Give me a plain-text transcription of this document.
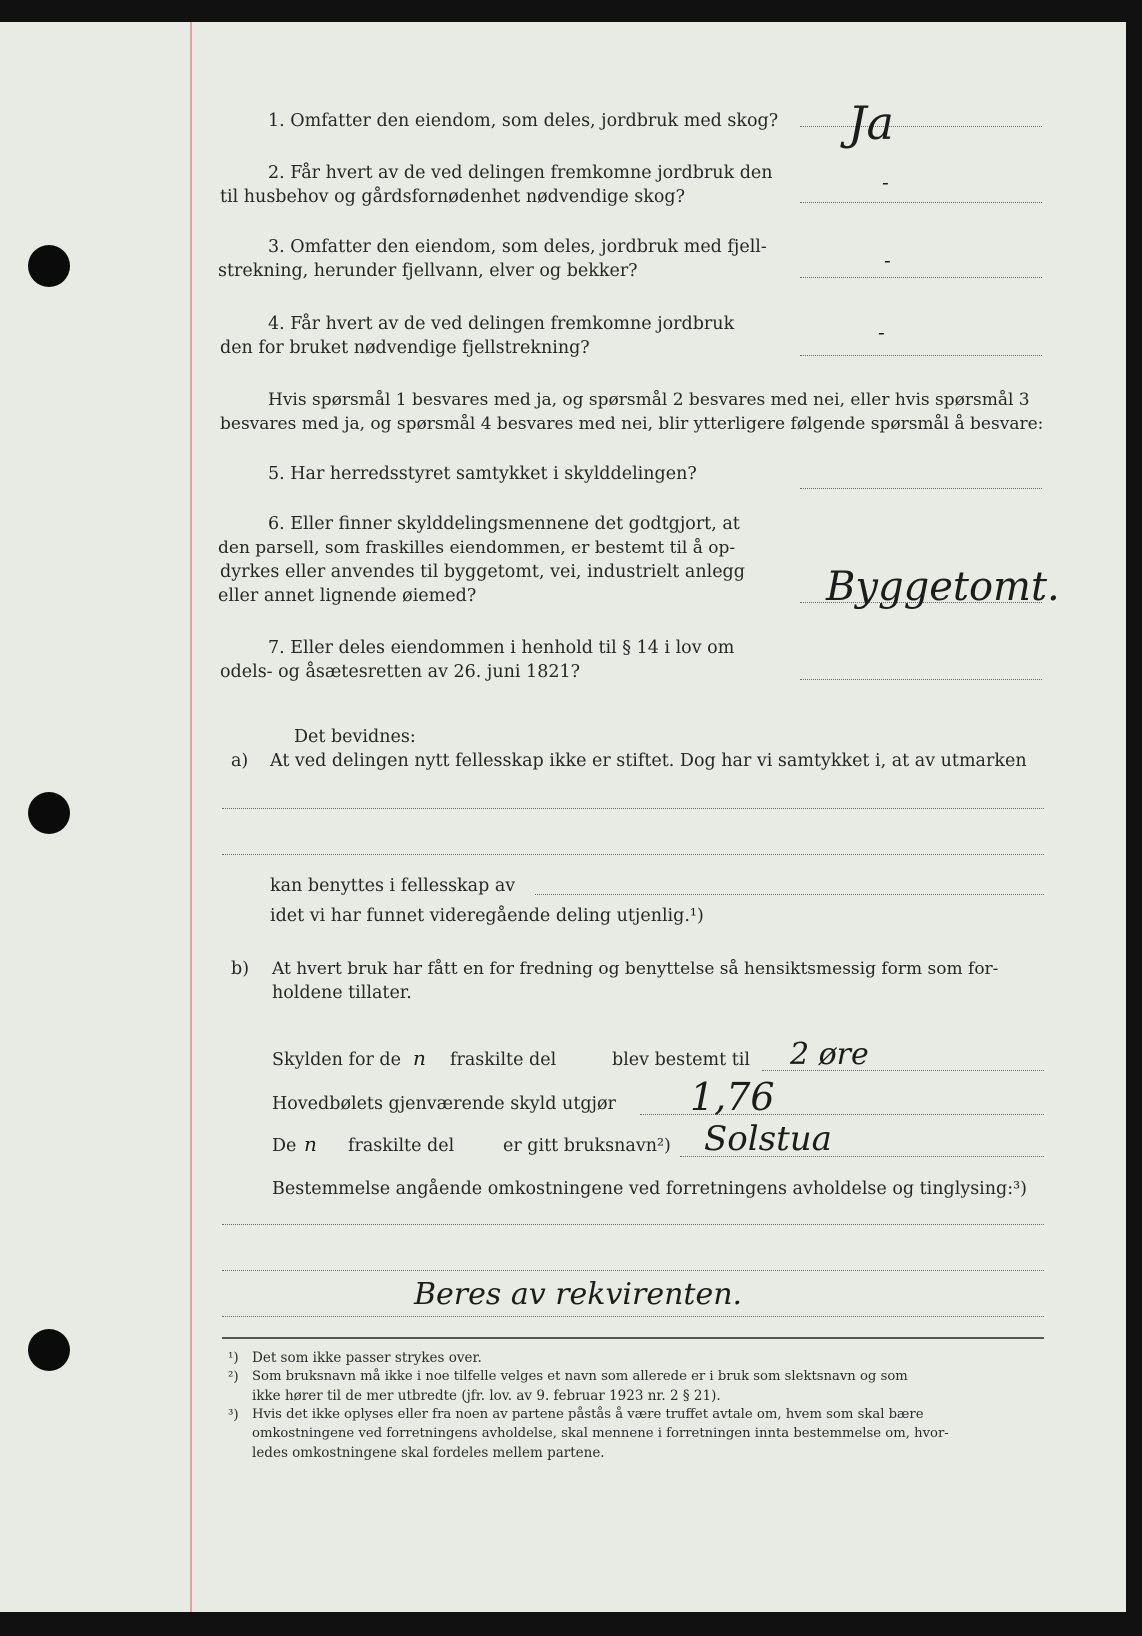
1. Omfatter den eiendom, som deles, jordbruk med skog? Ja
2. Får hvert av de ved delingen fremkomne jordbruk den
til husbehov og gårdsfornødenhet nødvendige skog?
-
3. Omfatter den eiendom, som deles, jordbruk med fjell-
strekning, herunder fjellvann, elver og bekker?	-
4. Får hvert av de ved delingen fremkomne jordbruk
den for bruket nødvendige fjellstrekning?
-
Hvis spørsmål 1 besvares med ja, og spørsmål 2 besvares med nei, eller hvis spørsmål 3
besvares med ja, og spørsmål 4 besvares med nei, blir ytterligere følgende spørsmål å besvare:
5. Har herredsstyret samtykket i skylddelingen?
6. Eller finner skylddelingsmennene det godtgjort, at
den parsell, som fraskilles eiendommen, er bestemt til å op-
dyrkes eller anvendes til byggetomt, vei, industrielt anlegg
eller annet lignende øiemed?	Byggetomt.
7. Eller deles eiendommen i henhold til § 14 i lov om
odels- og åsætesretten av 26. juni 1821?
Det bevidnes:
a) At ved delingen nytt fellesskap ikke er stiftet. Dog har vi samtykket i, at av utmarken
kan benyttes i fellesskap av
idet vi har funnet videregående deling utjenlig.¹)
b) At hvert bruk har fått en for fredning og benyttelse så hensiktsmessig form som for-
holdene tillater.
Skylden for de n fraskilte del	blev bestemt til 2 øre
Hovedbølets gjenværende skyld utgjør 1,76
De n fraskilte del	er gitt bruksnavn²) Solstua
Bestemmelse angående omkostningene ved forretningens avholdelse og tinglysing:³)
Beres av rekvirenten.
¹) Det som ikke passer strykes over.
²) Som bruksnavn må ikke i noe tilfelle velges et navn som allerede er i bruk som slektsnavn og som
ikke hører til de mer utbredte (jfr. lov. av 9. februar 1923 nr. 2 § 21).
³) Hvis det ikke oplyses eller fra noen av partene påstås å være truffet avtale om, hvem som skal bære
omkostningene ved forretningens avholdelse, skal mennene i forretningen innta bestemmelse om, hvor-
ledes omkostningene skal fordeles mellem partene.
